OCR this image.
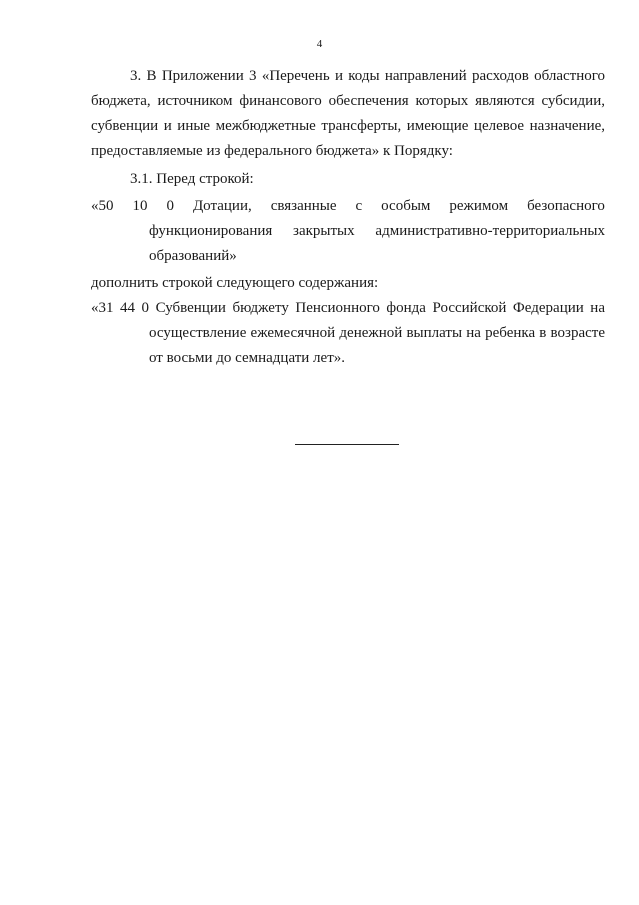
4
3. В Приложении 3 «Перечень и коды направлений расходов областного бюджета, источником финансового обеспечения которых являются субсидии, субвенции и иные межбюджетные трансферты, имеющие целевое назначение, предоставляемые из федерального бюджета» к Порядку:
3.1. Перед строкой:
«50 10 0 Дотации, связанные с особым режимом безопасного
функционирования закрытых административно-территориальных образований»
дополнить строкой следующего содержания:
«31 44 0 Субвенции бюджету Пенсионного фонда Российской Федерации на
осуществление ежемесячной денежной выплаты на ребенка в возрасте от восьми до семнадцати лет».
